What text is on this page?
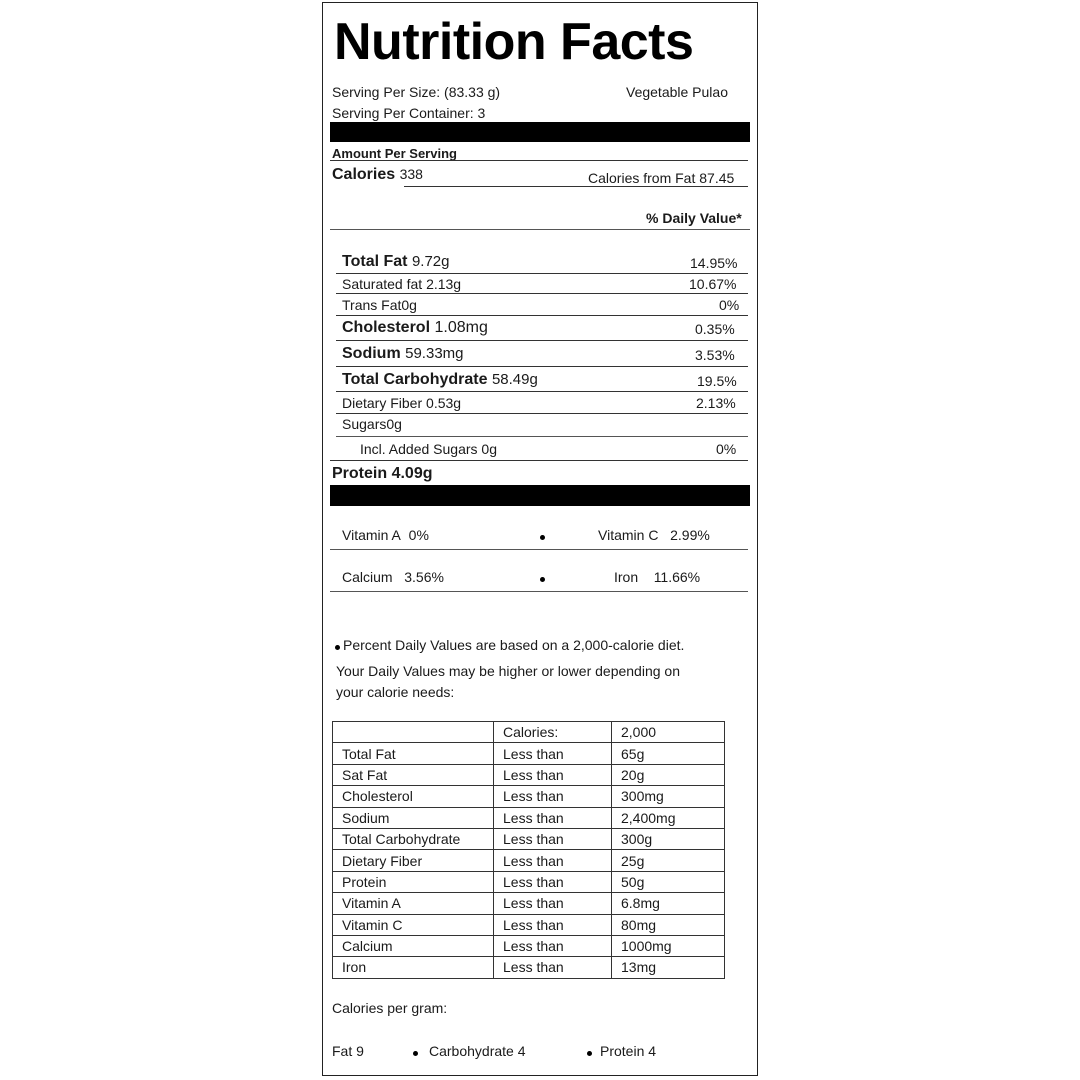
Nutrition Facts
Serving Per Size: (83.33 g)
Serving Per Container: 3
Vegetable Pulao
Amount Per Serving
Calories 338	Calories from Fat 87.45
% Daily Value*
Total Fat 9.72g	14.95%
Saturated fat 2.13g	10.67%
Trans Fat0g	0%
Cholesterol 1.08mg	0.35%
Sodium 59.33mg	3.53%
Total Carbohydrate 58.49g	19.5%
Dietary Fiber 0.53g	2.13%
Sugars0g
Incl. Added Sugars 0g	0%
Protein 4.09g
Vitamin A 0%	Vitamin C 2.99%
Calcium 3.56%	Iron 11.66%
Percent Daily Values are based on a 2,000-calorie diet.
Your Daily Values may be higher or lower depending on
your calorie needs:
	Calories:	2,000
Total Fat	Less than	65g
Sat Fat	Less than	20g
Cholesterol	Less than	300mg
Sodium	Less than	2,400mg
Total Carbohydrate	Less than	300g
Dietary Fiber	Less than	25g
Protein	Less than	50g
Vitamin A	Less than	6.8mg
Vitamin C	Less than	80mg
Calcium	Less than	1000mg
Iron	Less than	13mg
Calories per gram:
Fat 9	Carbohydrate 4	Protein 4
